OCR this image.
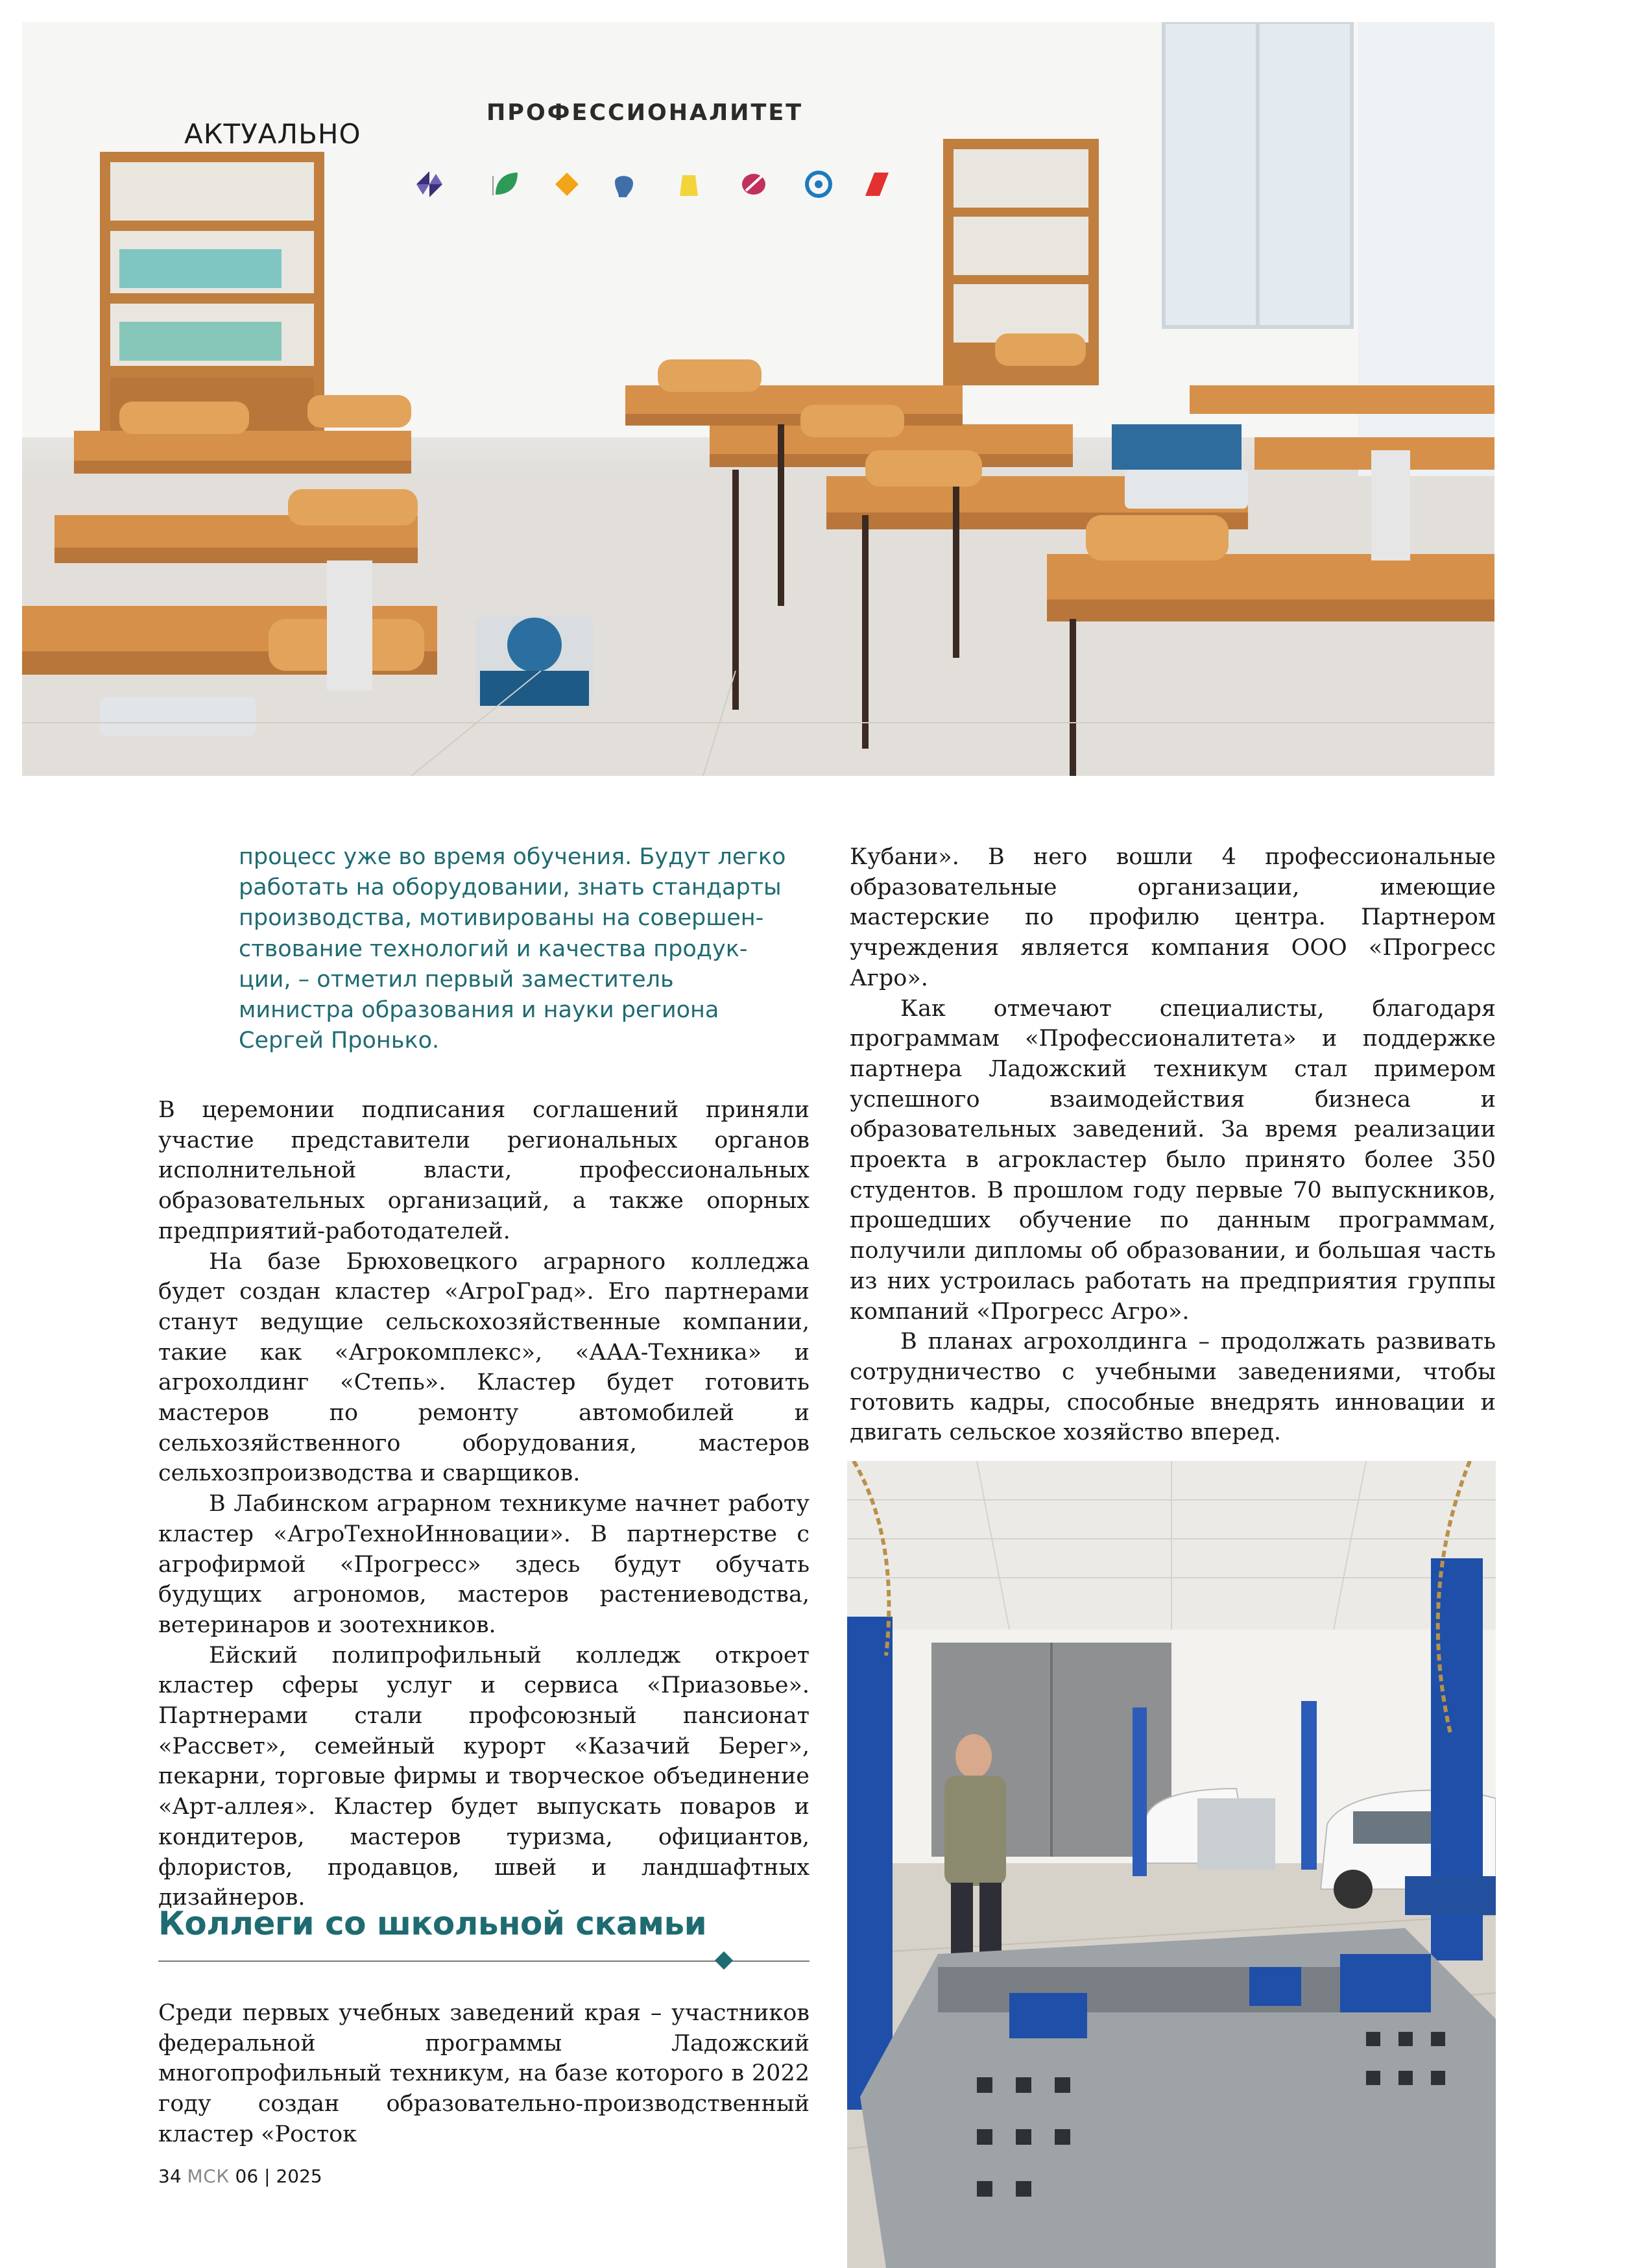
АКТУАЛЬНО
ПРОФЕССИОНАЛИТЕТ

процесс уже во время обучения. Будут легко

работать на оборудовании, знать стандарты

производства, мотивированы на совершен-

ствование технологий и качества продук-

ции, – отметил первый заместитель

министра образования и науки региона

Сергей Пронько.

В церемонии подписания соглашений приняли участие представители региональных органов исполнительной власти, профессиональных образовательных организаций, а также опорных предприятий-работодателей.

На базе Брюховецкого аграрного колледжа будет создан кластер «АгроГрад». Его партнерами станут ведущие сельскохозяйственные компании, такие как «Агрокомплекс», «ААА-Техника» и агрохолдинг «Степь». Кластер будет готовить мастеров по ремонту автомобилей и сельхозяйственного оборудования, мастеров сельхозпроизводства и сварщиков.

В Лабинском аграрном техникуме начнет работу кластер «АгроТехноИнновации». В партнерстве с агрофирмой «Прогресс» здесь будут обучать будущих агрономов, мастеров растениеводства, ветеринаров и зоотехников.

Ейский полипрофильный колледж откроет кластер сферы услуг и сервиса «Приазовье». Партнерами стали профсоюзный пансионат «Рассвет», семейный курорт «Казачий Берег», пекарни, торговые фирмы и творческое объединение «Арт-аллея». Кластер будет выпускать поваров и кондитеров, мастеров туризма, официантов, флористов, продавцов, швей и ландшафтных дизайнеров.

Коллеги со школьной скамьи

Среди первых учебных заведений края – участников федеральной программы Ладожский многопрофильный техникум, на базе которого в 2022 году создан образовательно-производственный кластер «Росток

Кубани». В него вошли 4 профессиональные образовательные организации, имеющие мастерские по профилю центра. Партнером учреждения является компания ООО «Прогресс Агро».

Как отмечают специалисты, благодаря программам «Профессионалитета» и поддержке партнера Ладожский техникум стал примером успешного взаимодействия бизнеса и образовательных заведений. За время реализации проекта в агрокластер было принято более 350 студентов. В прошлом году первые 70 выпускников, прошедших обучение по данным программам, получили дипломы об образовании, и большая часть из них устроилась работать на предприятия группы компаний «Прогресс Агро».

В планах агрохолдинга – продолжать развивать сотрудничество с учебными заведениями, чтобы готовить кадры, способные внедрять инновации и двигать сельское хозяйство вперед.

34 МСК 06 | 2025
